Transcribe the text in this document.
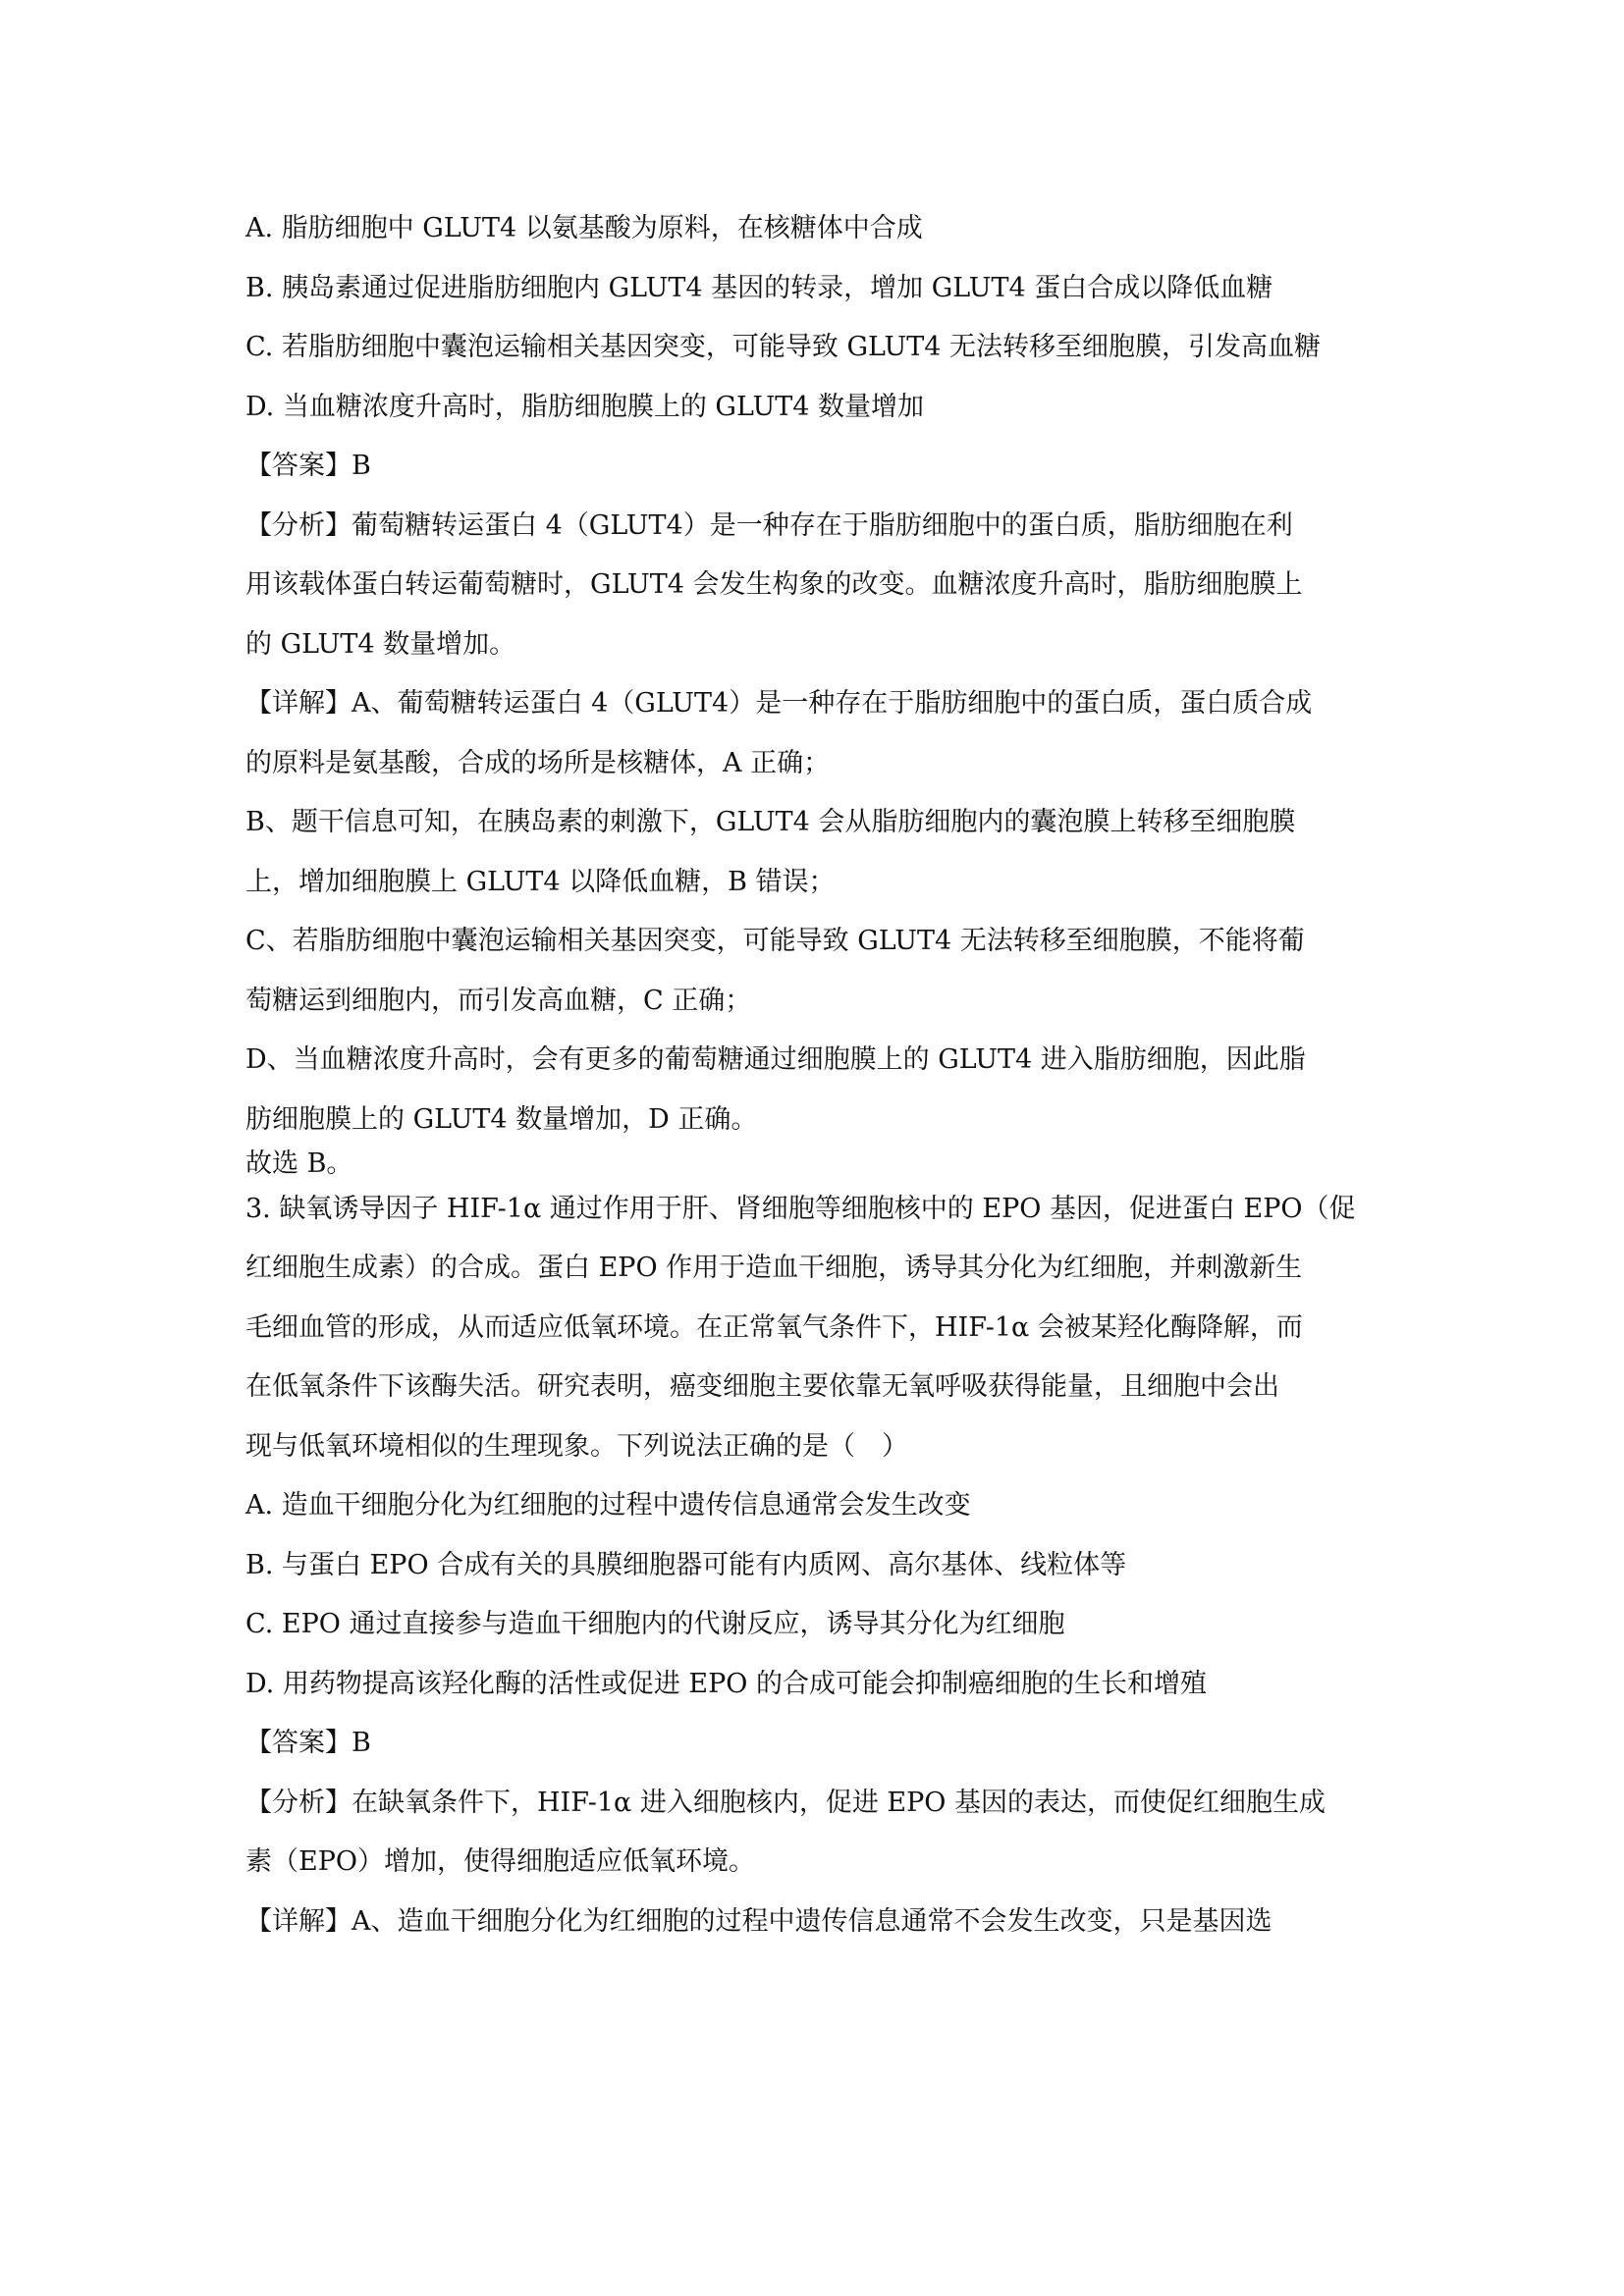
A. 脂肪细胞中 GLUT4 以氨基酸为原料，在核糖体中合成
B. 胰岛素通过促进脂肪细胞内 GLUT4 基因的转录，增加 GLUT4 蛋白合成以降低血糖
C. 若脂肪细胞中囊泡运输相关基因突变，可能导致 GLUT4 无法转移至细胞膜，引发高血糖
D. 当血糖浓度升高时，脂肪细胞膜上的 GLUT4 数量增加
【答案】B
【分析】葡萄糖转运蛋白 4（GLUT4）是一种存在于脂肪细胞中的蛋白质，脂肪细胞在利
用该载体蛋白转运葡萄糖时，GLUT4 会发生构象的改变。血糖浓度升高时，脂肪细胞膜上
的 GLUT4 数量增加。
【详解】A、葡萄糖转运蛋白 4（GLUT4）是一种存在于脂肪细胞中的蛋白质，蛋白质合成
的原料是氨基酸，合成的场所是核糖体，A 正确；
B、题干信息可知，在胰岛素的刺激下，GLUT4 会从脂肪细胞内的囊泡膜上转移至细胞膜
上，增加细胞膜上 GLUT4 以降低血糖，B 错误；
C、若脂肪细胞中囊泡运输相关基因突变，可能导致 GLUT4 无法转移至细胞膜，不能将葡
萄糖运到细胞内，而引发高血糖，C 正确；
D、当血糖浓度升高时，会有更多的葡萄糖通过细胞膜上的 GLUT4 进入脂肪细胞，因此脂
肪细胞膜上的 GLUT4 数量增加，D 正确。
故选 B。
3. 缺氧诱导因子 HIF-1α 通过作用于肝、肾细胞等细胞核中的 EPO 基因，促进蛋白 EPO（促
红细胞生成素）的合成。蛋白 EPO 作用于造血干细胞，诱导其分化为红细胞，并刺激新生
毛细血管的形成，从而适应低氧环境。在正常氧气条件下，HIF-1α 会被某羟化酶降解，而
在低氧条件下该酶失活。研究表明，癌变细胞主要依靠无氧呼吸获得能量，且细胞中会出
现与低氧环境相似的生理现象。下列说法正确的是（　）
A. 造血干细胞分化为红细胞的过程中遗传信息通常会发生改变
B. 与蛋白 EPO 合成有关的具膜细胞器可能有内质网、高尔基体、线粒体等
C. EPO 通过直接参与造血干细胞内的代谢反应，诱导其分化为红细胞
D. 用药物提高该羟化酶的活性或促进 EPO 的合成可能会抑制癌细胞的生长和增殖
【答案】B
【分析】在缺氧条件下，HIF-1α 进入细胞核内，促进 EPO 基因的表达，而使促红细胞生成
素（EPO）增加，使得细胞适应低氧环境。
【详解】A、造血干细胞分化为红细胞的过程中遗传信息通常不会发生改变，只是基因选
